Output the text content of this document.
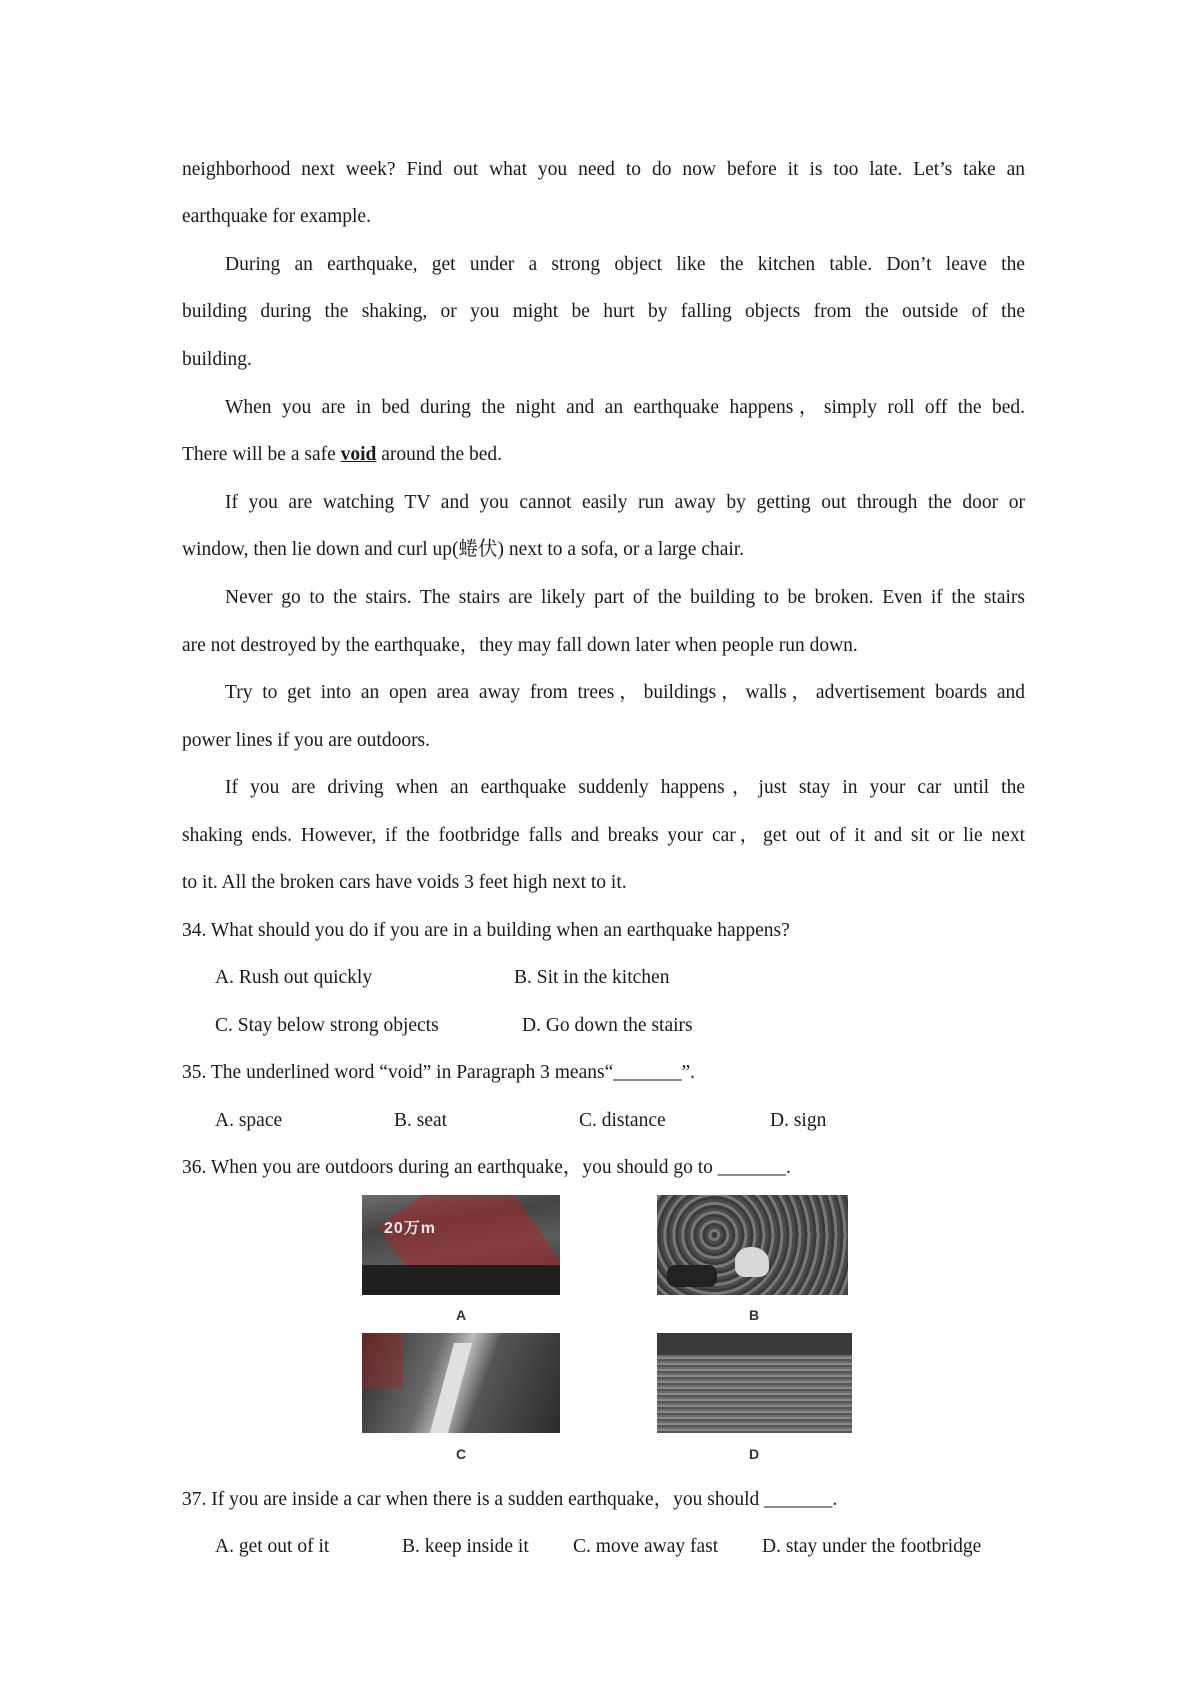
neighborhood next week? Find out what you need to do now before it is too late. Let’s take an
earthquake for example.
During an earthquake, get under a strong object like the kitchen table. Don’t leave the
building during the shaking, or you might be hurt by falling objects from the outside of the
building.
When you are in bed during the night and an earthquake happens，simply roll off the bed.
There will be a safe void around the bed.
If you are watching TV and you cannot easily run away by getting out through the door or
window, then lie down and curl up(蜷伏) next to a sofa, or a large chair.
Never go to the stairs. The stairs are likely part of the building to be broken. Even if the stairs
are not destroyed by the earthquake，they may fall down later when people run down.
Try to get into an open area away from trees，buildings，walls，advertisement boards and
power lines if you are outdoors.
If you are driving when an earthquake suddenly happens，just stay in your car until the
shaking ends. However, if the footbridge falls and breaks your car，get out of it and sit or lie next
to it. All the broken cars have voids 3 feet high next to it.
34. What should you do if you are in a building when an earthquake happens?
A. Rush out quickly	B. Sit in the kitchen
C. Stay below strong objects	D. Go down the stairs
35. The underlined word “void” in Paragraph 3 means“_______”.
A. space	B. seat	C. distance	D. sign
36. When you are outdoors during an earthquake，you should go to _______.
20万m
A	B
C	D
37. If you are inside a car when there is a sudden earthquake，you should _______.
A. get out of it	B. keep inside it C. move away fast D. stay under the footbridge
